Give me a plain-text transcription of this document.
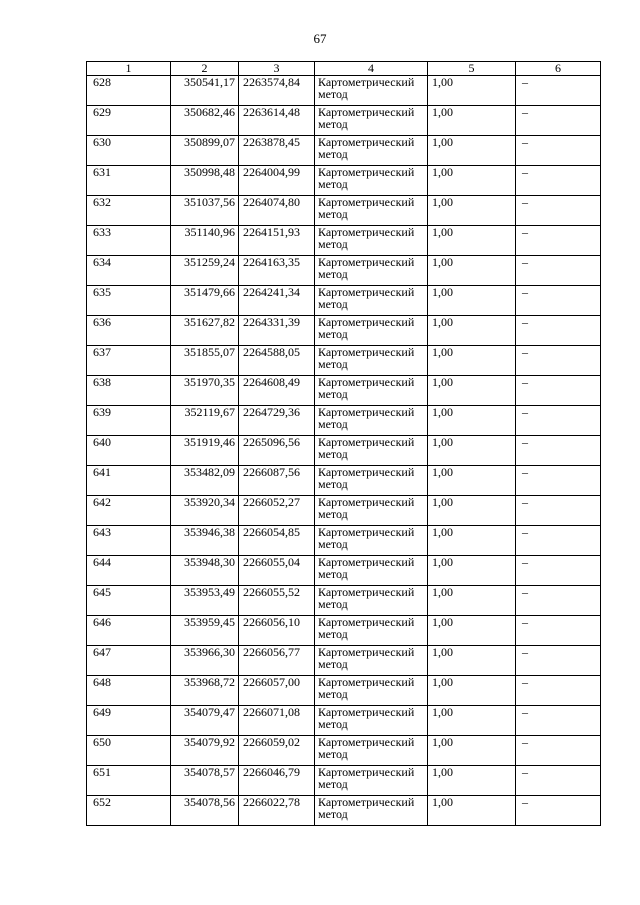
67
1	2	3	4	5	6
628	350541,17	2263574,84	Картометрический метод	1,00	–
629	350682,46	2263614,48	Картометрический метод	1,00	–
630	350899,07	2263878,45	Картометрический метод	1,00	–
631	350998,48	2264004,99	Картометрический метод	1,00	–
632	351037,56	2264074,80	Картометрический метод	1,00	–
633	351140,96	2264151,93	Картометрический метод	1,00	–
634	351259,24	2264163,35	Картометрический метод	1,00	–
635	351479,66	2264241,34	Картометрический метод	1,00	–
636	351627,82	2264331,39	Картометрический метод	1,00	–
637	351855,07	2264588,05	Картометрический метод	1,00	–
638	351970,35	2264608,49	Картометрический метод	1,00	–
639	352119,67	2264729,36	Картометрический метод	1,00	–
640	351919,46	2265096,56	Картометрический метод	1,00	–
641	353482,09	2266087,56	Картометрический метод	1,00	–
642	353920,34	2266052,27	Картометрический метод	1,00	–
643	353946,38	2266054,85	Картометрический метод	1,00	–
644	353948,30	2266055,04	Картометрический метод	1,00	–
645	353953,49	2266055,52	Картометрический метод	1,00	–
646	353959,45	2266056,10	Картометрический метод	1,00	–
647	353966,30	2266056,77	Картометрический метод	1,00	–
648	353968,72	2266057,00	Картометрический метод	1,00	–
649	354079,47	2266071,08	Картометрический метод	1,00	–
650	354079,92	2266059,02	Картометрический метод	1,00	–
651	354078,57	2266046,79	Картометрический метод	1,00	–
652	354078,56	2266022,78	Картометрический метод	1,00	–
